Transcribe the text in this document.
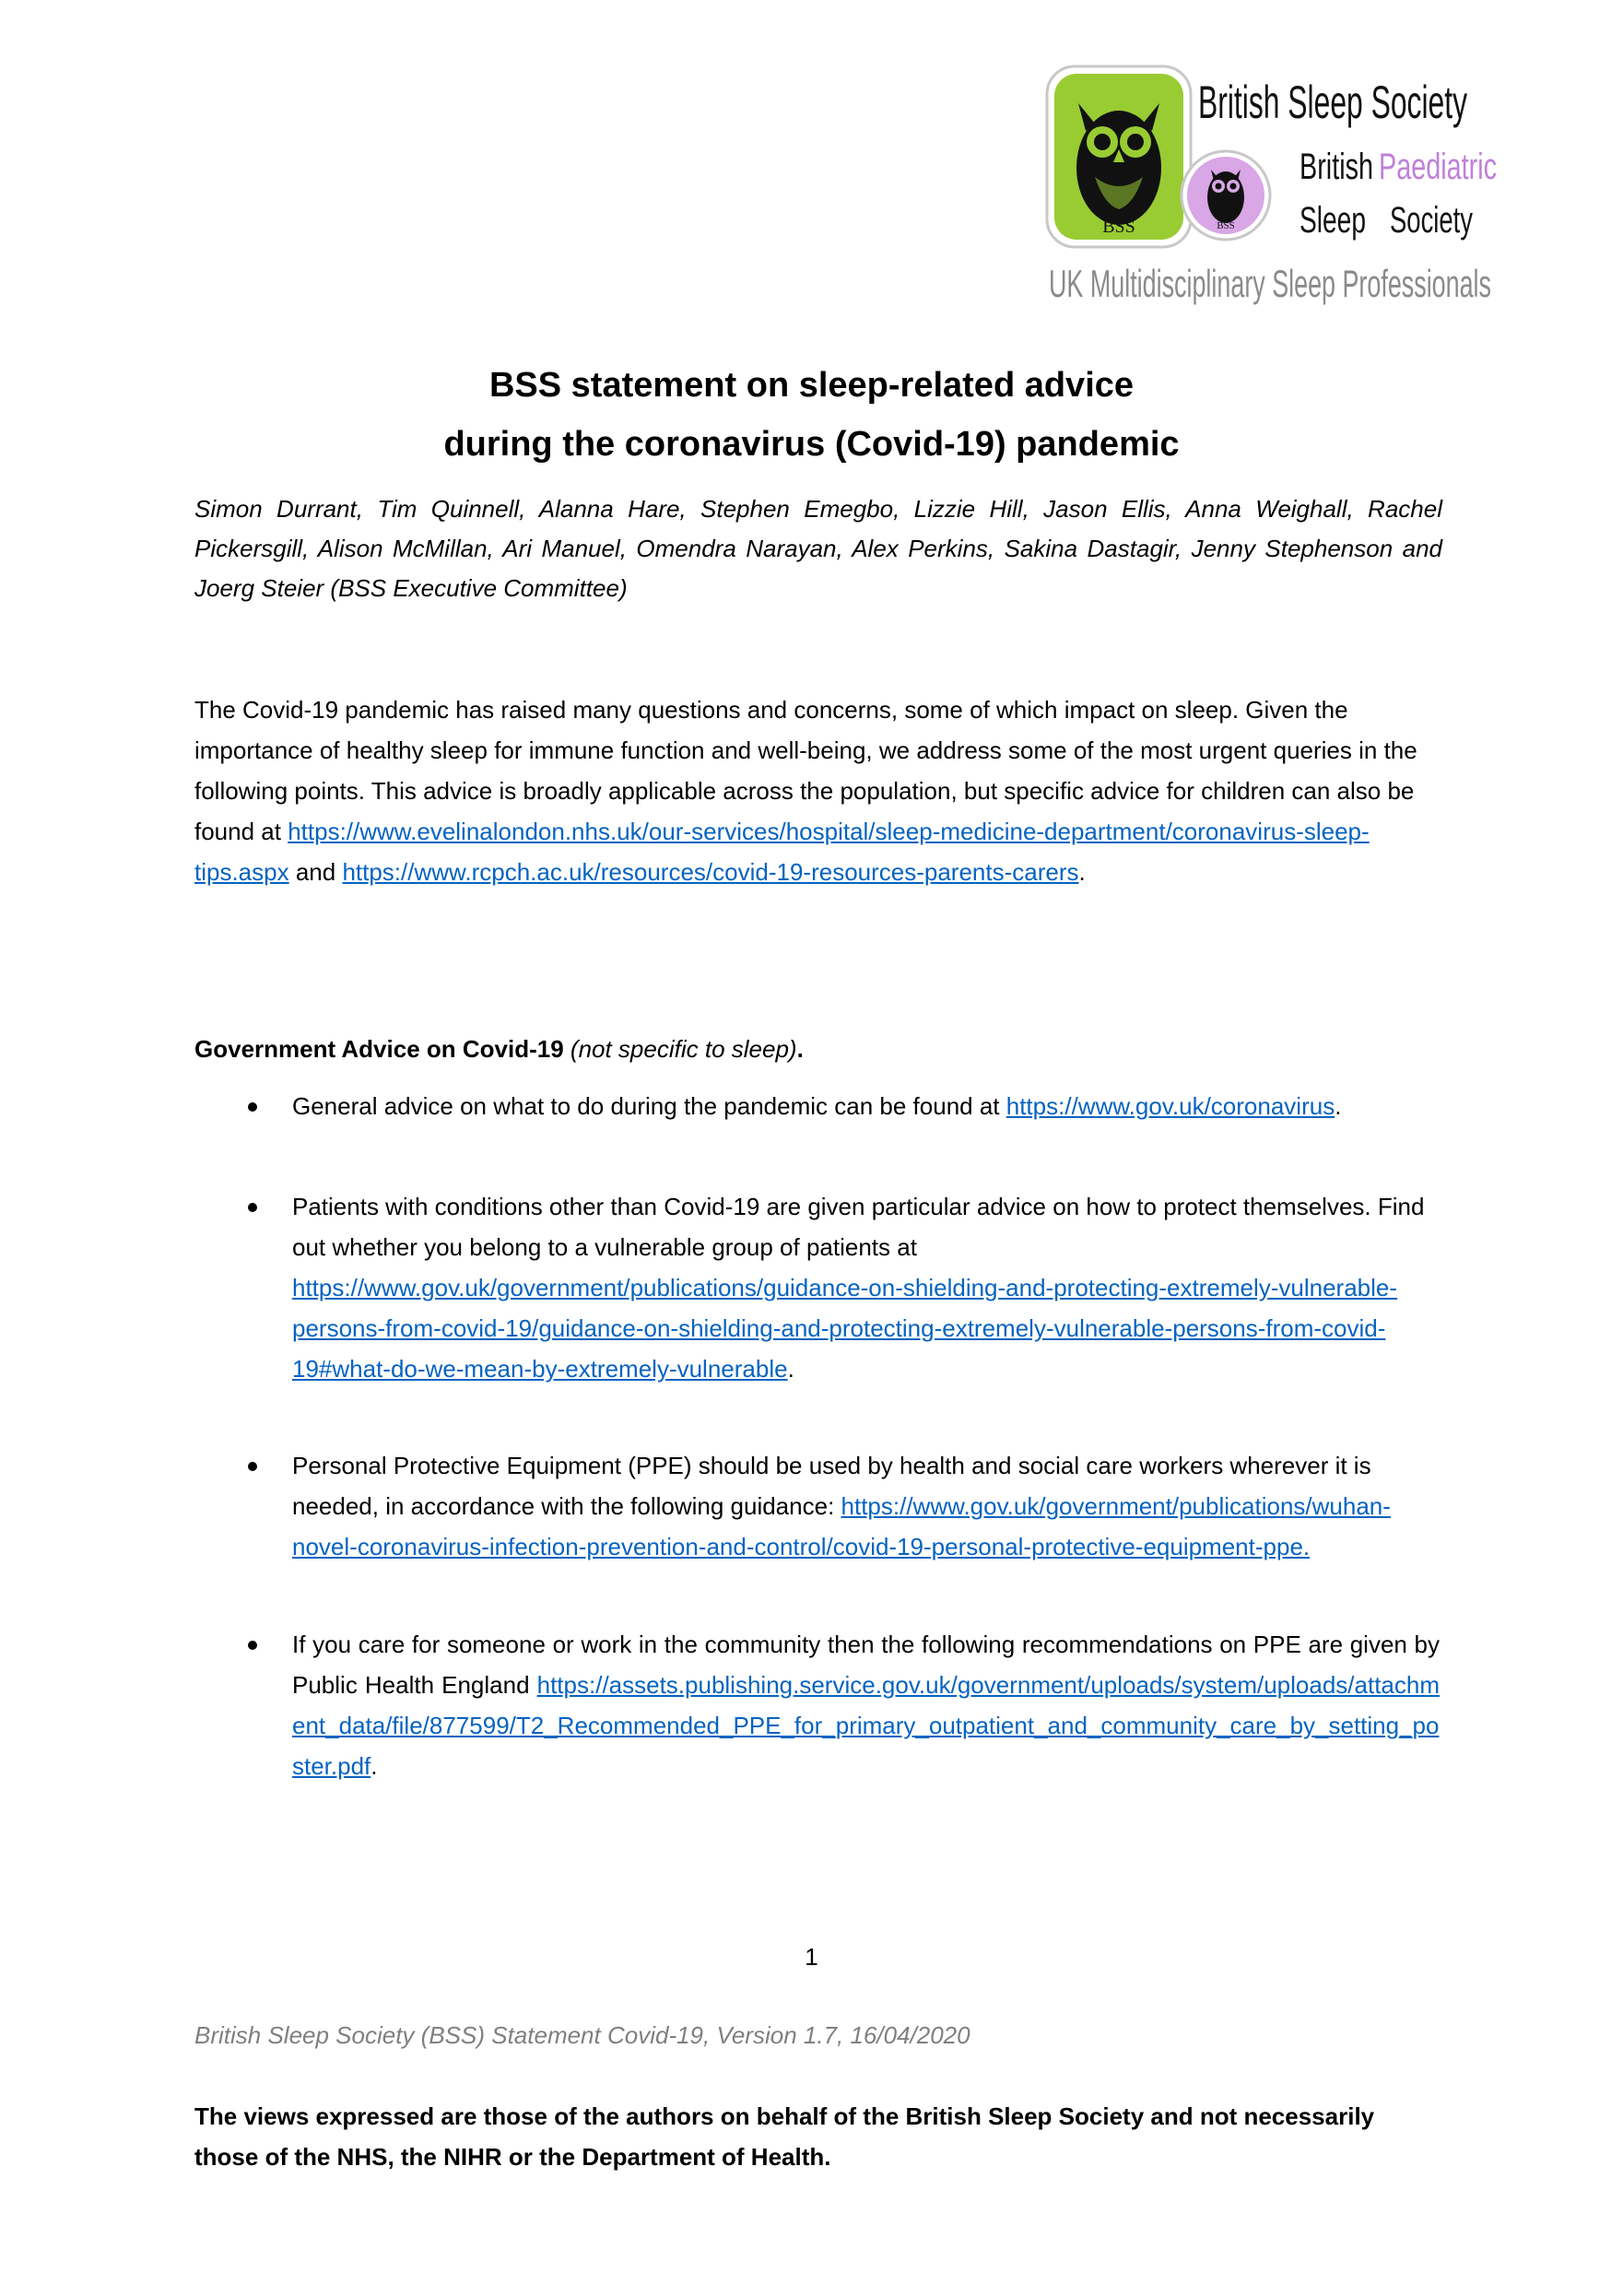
BSS	BSS
British Sleep Society
British Paediatric
Sleep Society
UK Multidisciplinary Sleep Professionals
BSS statement on sleep-related advice
during the coronavirus (Covid-19) pandemic
Simon Durrant, Tim Quinnell, Alanna Hare, Stephen Emegbo, Lizzie Hill, Jason Ellis, Anna Weighall, Rachel Pickersgill, Alison McMillan, Ari Manuel, Omendra Narayan, Alex Perkins, Sakina Dastagir, Jenny Stephenson and Joerg Steier (BSS Executive Committee)
The Covid-19 pandemic has raised many questions and concerns, some of which impact on sleep. Given the importance of healthy sleep for immune function and well-being, we address some of the most urgent queries in the following points. This advice is broadly applicable across the population, but specific advice for children can also be found at https://www.evelinalondon.nhs.uk/our-services/hospital/sleep-medicine-department/coronavirus-sleep-tips.aspx and https://www.rcpch.ac.uk/resources/covid-19-resources-parents-carers.
Government Advice on Covid-19 (not specific to sleep).
General advice on what to do during the pandemic can be found at https://www.gov.uk/coronavirus.
Patients with conditions other than Covid-19 are given particular advice on how to protect themselves. Find out whether you belong to a vulnerable group of patients at https://www.gov.uk/government/publications/guidance-on-shielding-and-protecting-extremely-vulnerable-persons-from-covid-19/guidance-on-shielding-and-protecting-extremely-vulnerable-persons-from-covid-19#what-do-we-mean-by-extremely-vulnerable.
Personal Protective Equipment (PPE) should be used by health and social care workers wherever it is needed, in accordance with the following guidance: https://www.gov.uk/government/publications/wuhan-novel-coronavirus-infection-prevention-and-control/covid-19-personal-protective-equipment-ppe.
If you care for someone or work in the community then the following recommendations on PPE are given by Public Health England https://assets.publishing.service.gov.uk/government/uploads/system/uploads/attachment_data/file/877599/T2_Recommended_PPE_for_primary_outpatient_and_community_care_by_setting_poster.pdf.
1
British Sleep Society (BSS) Statement Covid-19, Version 1.7, 16/04/2020
The views expressed are those of the authors on behalf of the British Sleep Society and not necessarily those of the NHS, the NIHR or the Department of Health.
